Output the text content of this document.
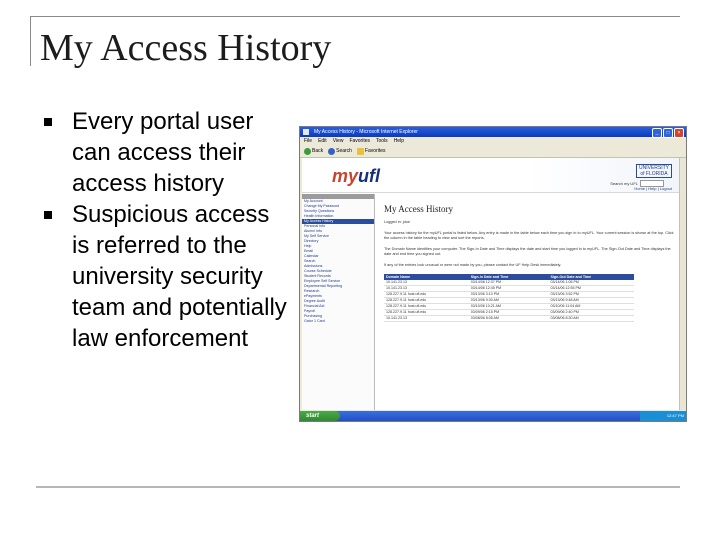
My Access History
Every portal user can access their access history
Suspicious access is referred to the university security team and potentially law enforcement
My Access History - Microsoft Internet Explorer	_	□	×
File Edit View Favorites Tools Help
Back	Search	Favorites
myufl	UNIVERSITY of FLORIDA
Search my UFL
Home | Help | Logout
My Account
Change My Password
Security Questions
Health Information
My Access History
Personal Info
Alumni Info
My Self Service
Directory
Help
Email
Calendar
Search
Admissions
Course Schedule
Student Records
Employee Self Service
Departmental Reporting
Research
ePayments
Degree Audit
Financial Aid
Payroll
Purchasing
Gator 1 Card
My Access History

Logged in: jdoe

Your access history for the myUFL portal is listed below. Any entry is made in the table below each time you sign in to myUFL. Your current session is shown at the top. Click the column in the table heading to view and sort the reports.

The Domain Name identifies your computer. The Sign-In Date and Time displays the date and start time you logged in to myUFL. The Sign-Out Date and Time displays the date and end time you signed out.

If any of the entries look unusual or were not made by you, please contact the UF Help Desk immediately.

Domain Name	Sign-In Date and Time	Sign-Out Date and Time
10.141.23.13	03/14/06 12:37 PM	03/14/06 1:05 PM
10.141.23.13	03/14/06 12:45 PM	03/14/06 12:55 PM
128.227.9.11 host.ufl.edu	03/13/06 3:10 PM	03/13/06 3:52 PM
128.227.9.11 host.ufl.edu	03/13/06 9:30 AM	03/13/06 9:48 AM
128.227.9.11 host.ufl.edu	03/10/06 10:21 AM	03/10/06 11:04 AM
128.227.9.11 host.ufl.edu	03/09/06 2:15 PM	03/09/06 2:40 PM
10.141.23.13	03/08/06 8:05 AM	03/08/06 8:30 AM
start	12:47 PM
